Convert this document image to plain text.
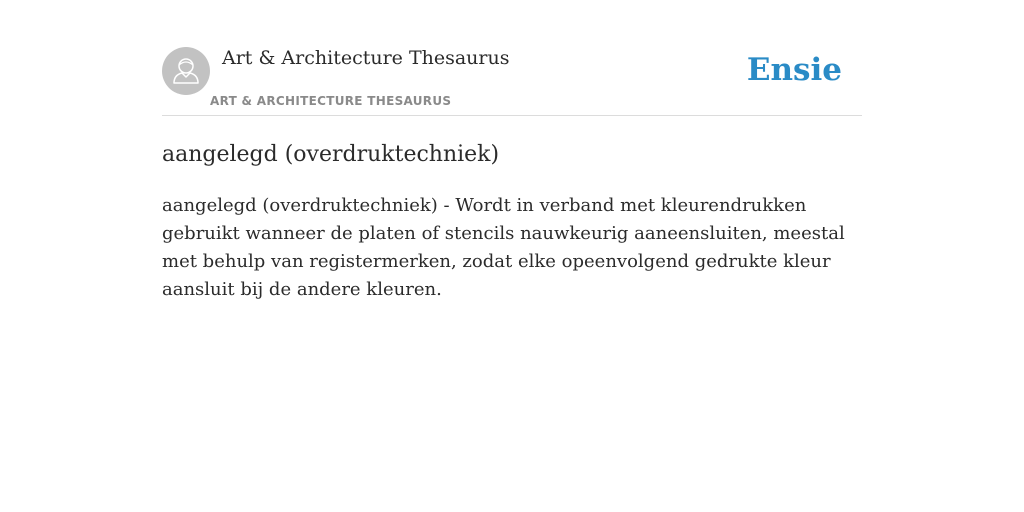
Art & Architecture Thesaurus
ART & ARCHITECTURE THESAURUS
Ensie
aangelegd (overdruktechniek)

aangelegd (overdruktechniek) - Wordt in verband met kleurendrukken gebruikt wanneer de platen of stencils nauwkeurig aaneensluiten, meestal met behulp van registermerken, zodat elke opeenvolgend gedrukte kleur aansluit bij de andere kleuren.
